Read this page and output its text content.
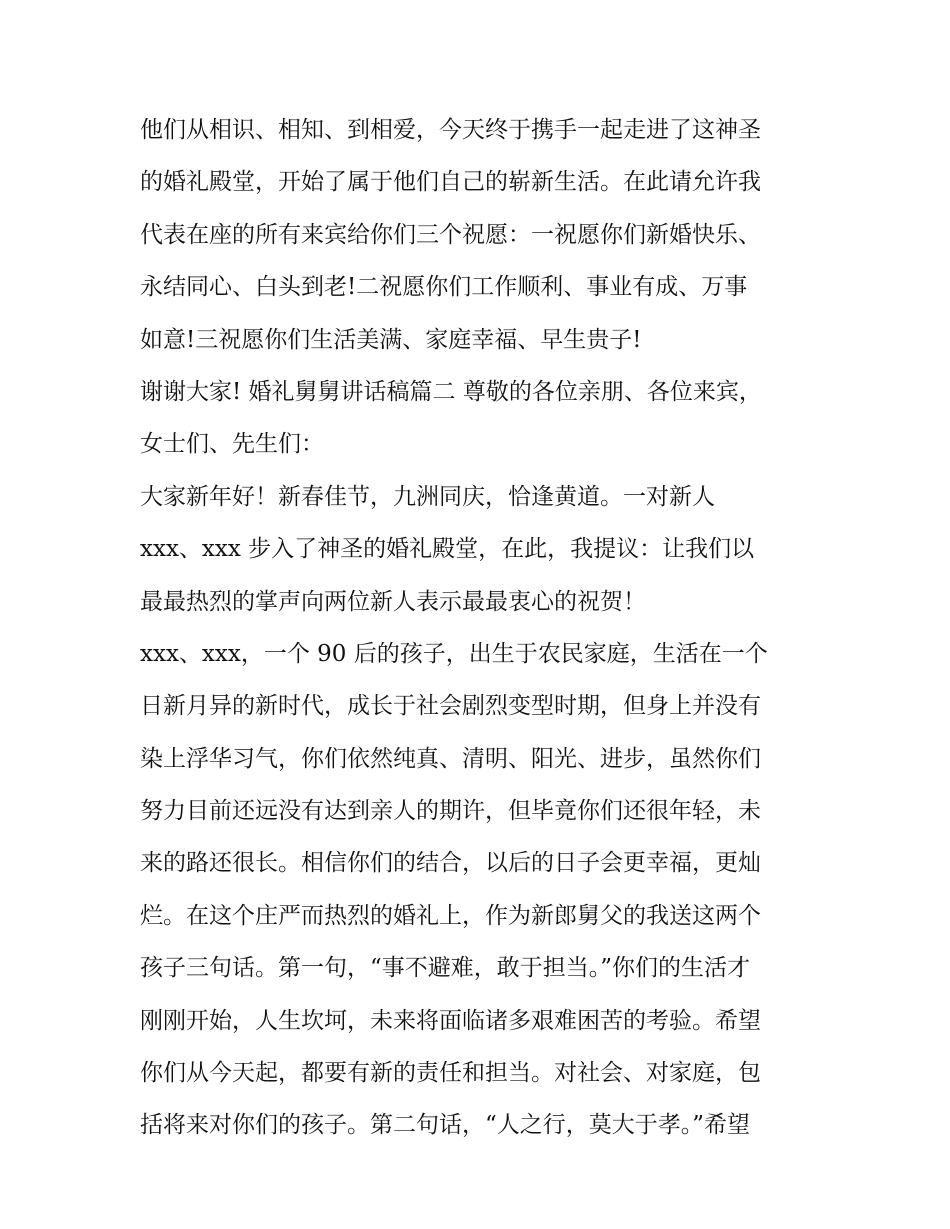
他们从相识、相知、到相爱，今天终于携手一起走进了这神圣
的婚礼殿堂，开始了属于他们自己的崭新生活。在此请允许我
代表在座的所有来宾给你们三个祝愿：一祝愿你们新婚快乐、
永结同心、白头到老!二祝愿你们工作顺利、事业有成、万事
如意!三祝愿你们生活美满、家庭幸福、早生贵子!
谢谢大家! 婚礼舅舅讲话稿篇二 尊敬的各位亲朋、各位来宾，
女士们、先生们：
大家新年好！新春佳节，九洲同庆，恰逢黄道。一对新人
xxx、xxx 步入了神圣的婚礼殿堂，在此，我提议：让我们以
最最热烈的掌声向两位新人表示最最衷心的祝贺！
xxx、xxx，一个 90 后的孩子，出生于农民家庭，生活在一个
日新月异的新时代，成长于社会剧烈变型时期，但身上并没有
染上浮华习气，你们依然纯真、清明、阳光、进步，虽然你们
努力目前还远没有达到亲人的期许，但毕竟你们还很年轻，未
来的路还很长。相信你们的结合，以后的日子会更幸福，更灿
烂。在这个庄严而热烈的婚礼上，作为新郎舅父的我送这两个
孩子三句话。第一句，“事不避难，敢于担当。”你们的生活才
刚刚开始，人生坎坷，未来将面临诸多艰难困苦的考验。希望
你们从今天起，都要有新的责任和担当。对社会、对家庭，包
括将来对你们的孩子。第二句话，“人之行，莫大于孝。”希望
